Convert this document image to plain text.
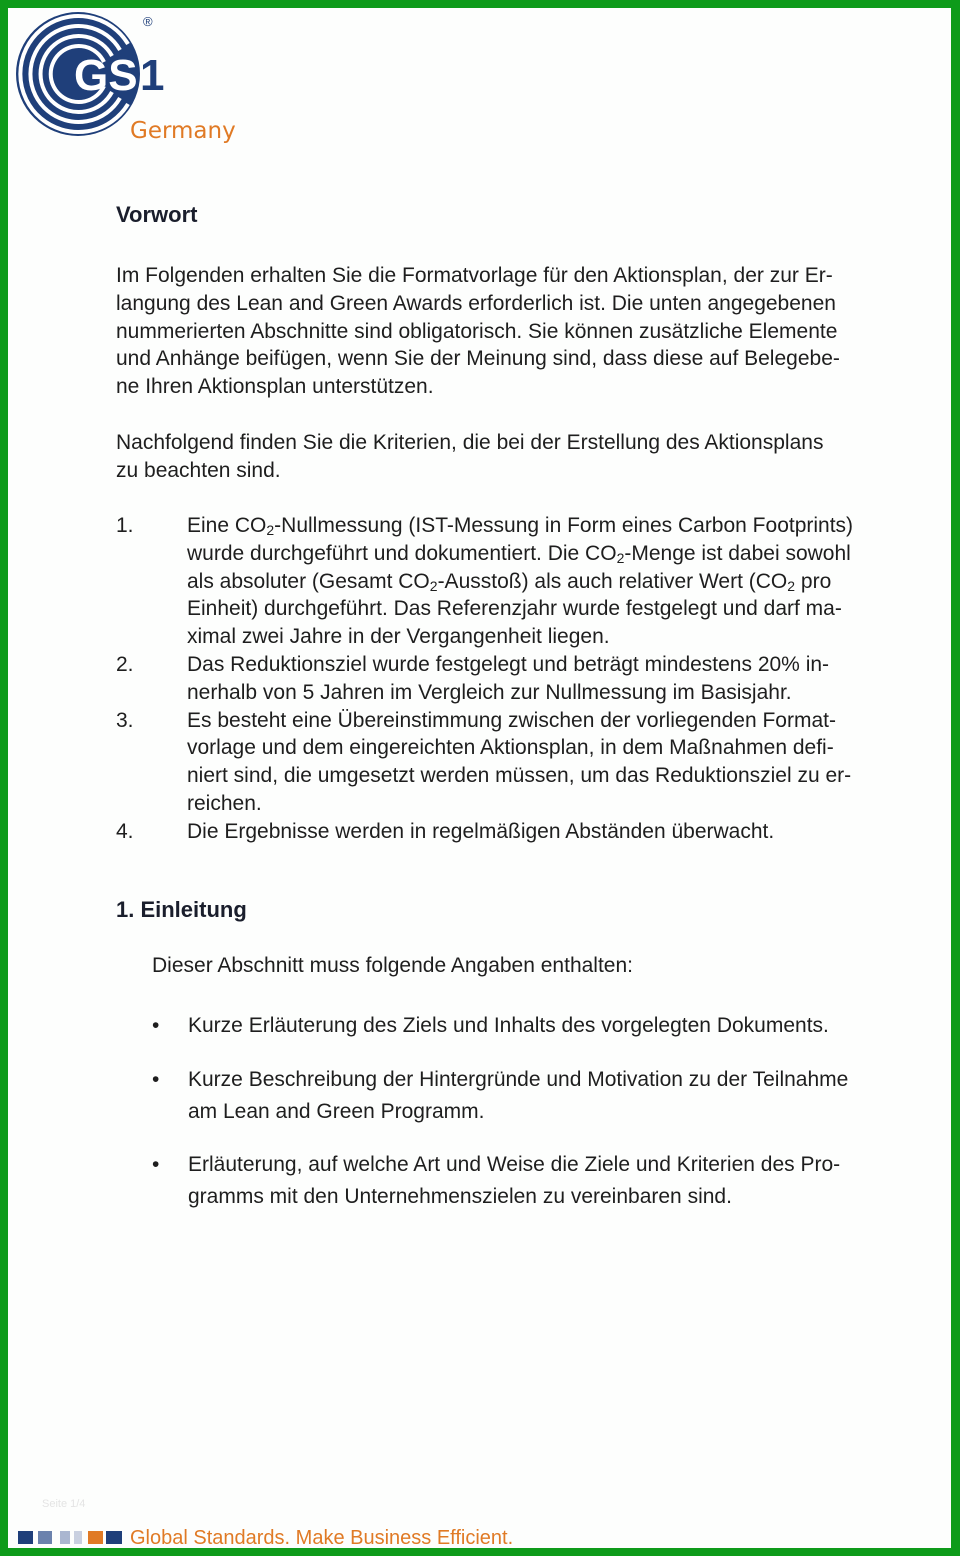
GS 1
®
Germany
Vorwort
Im Folgenden erhalten Sie die Formatvorlage für den Aktionsplan, der zur Er-
langung des Lean and Green Awards erforderlich ist. Die unten angegebenen
nummerierten Abschnitte sind obligatorisch. Sie können zusätzliche Elemente
und Anhänge beifügen, wenn Sie der Meinung sind, dass diese auf Belegebe-
ne Ihren Aktionsplan unterstützen.
Nachfolgend finden Sie die Kriterien, die bei der Erstellung des Aktionsplans
zu beachten sind.
1.	Eine $CO_2$-Nullmessung (IST-Messung in Form eines Carbon Footprints)
wurde durchgeführt und dokumentiert. Die $CO_2$-Menge ist dabei sowohl
als absoluter (Gesamt $CO_2-Ausstoß$) als auch relativer Wert ($CO_2$ pro
Einheit) durchgeführt. Das Referenzjahr wurde festgelegt und darf ma-
ximal zwei Jahre in der Vergangenheit liegen.
2.	Das Reduktionsziel wurde festgelegt und beträgt mindestens 20% in-
nerhalb von 5 Jahren im Vergleich zur Nullmessung im Basisjahr.
3.	Es besteht eine Übereinstimmung zwischen der vorliegenden Format-
vorlage und dem eingereichten Aktionsplan, in dem Maßnahmen defi-
niert sind, die umgesetzt werden müssen, um das Reduktionsziel zu er-
reichen.
4.	Die Ergebnisse werden in regelmäßigen Abständen überwacht.
1. Einleitung
Dieser Abschnitt muss folgende Angaben enthalten:
• Kurze Erläuterung des Ziels und Inhalts des vorgelegten Dokuments.
• Kurze Beschreibung der Hintergründe und Motivation zu der Teilnahme
am Lean and Green Programm.
• Erläuterung, auf welche Art und Weise die Ziele und Kriterien des Pro-
gramms mit den Unternehmenszielen zu vereinbaren sind.
Seite 1/4
Global Standards. Make Business Efficient.
